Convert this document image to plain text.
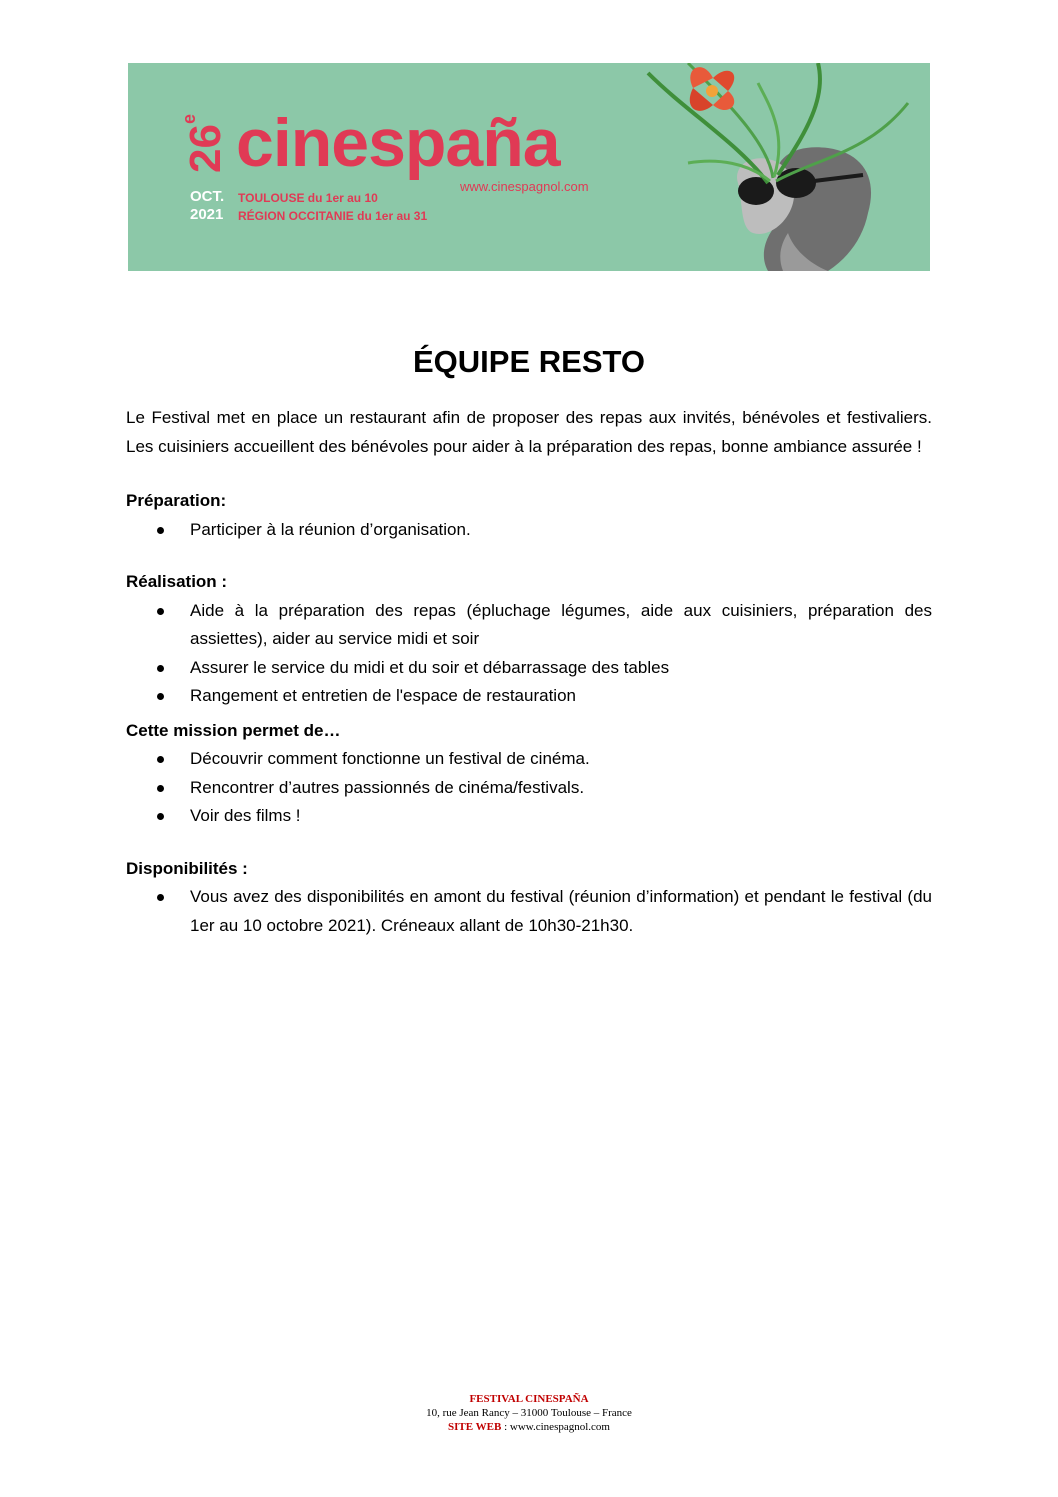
26e cinespaña
www.cinespagnol.com
OCT.
2021
TOULOUSE du 1er au 10
RÉGION OCCITANIE du 1er au 31
ÉQUIPE RESTO

Le Festival met en place un restaurant afin de proposer des repas aux invités, bénévoles et festivaliers. Les cuisiniers accueillent des bénévoles pour aider à la préparation des repas, bonne ambiance assurée !

Préparation:

Participer à la réunion d’organisation.

Réalisation :

Aide à la préparation des repas (épluchage légumes, aide aux cuisiniers, préparation des assiettes), aider au service midi et soir
Assurer le service du midi et du soir et débarrassage des tables
Rangement et entretien de l'espace de restauration

Cette mission permet de…

Découvrir comment fonctionne un festival de cinéma.
Rencontrer d’autres passionnés de cinéma/festivals.
Voir des films !

Disponibilités :

Vous avez des disponibilités en amont du festival (réunion d’information) et pendant le festival (du 1er au 10 octobre 2021). Créneaux allant de 10h30-21h30.
FESTIVAL CINESPAÑA
10, rue Jean Rancy – 31000 Toulouse – France
SITE WEB : www.cinespagnol.com
